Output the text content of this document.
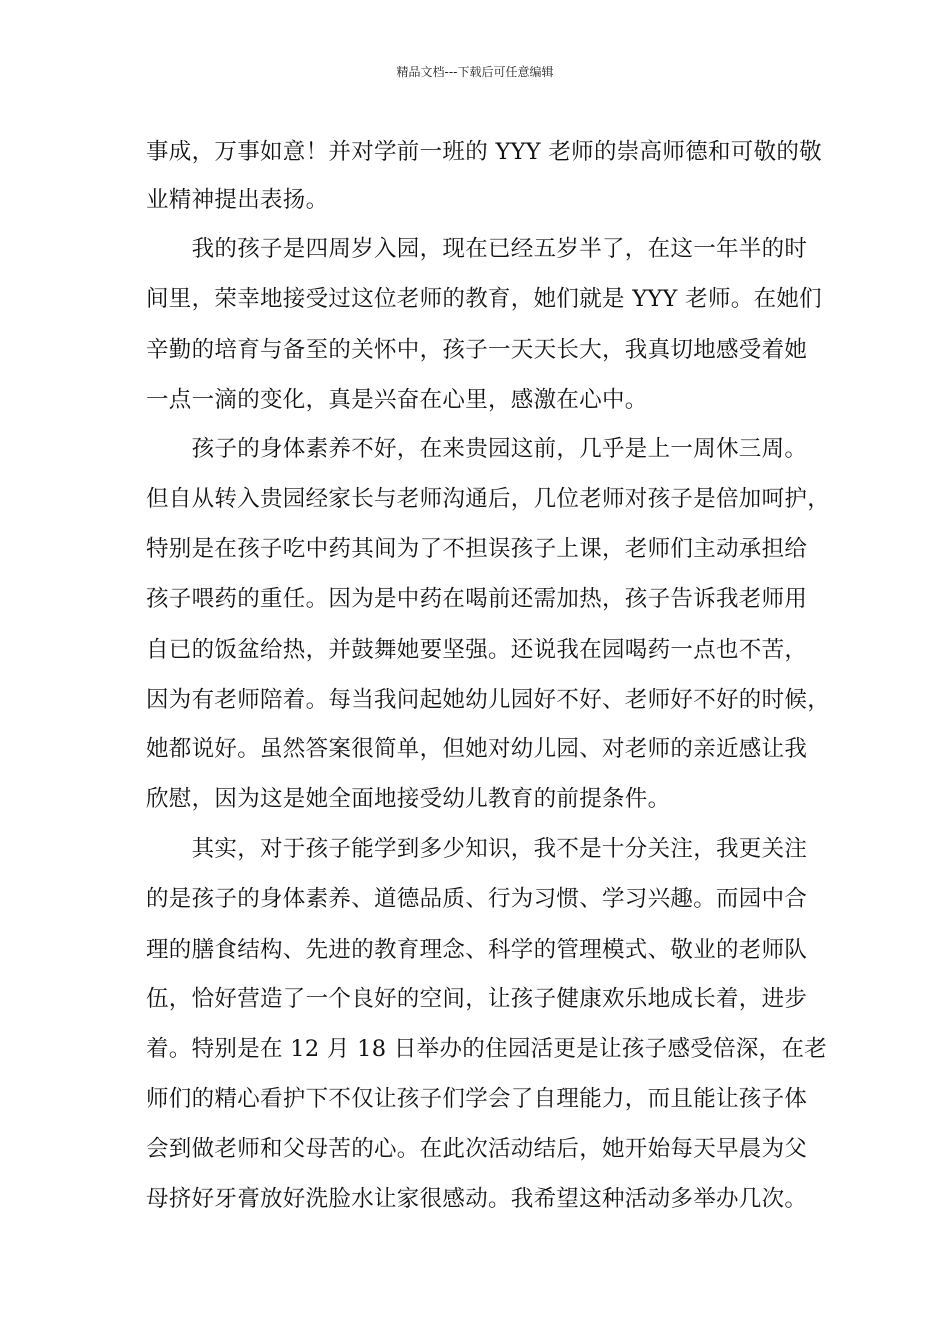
精品文档---下载后可任意编辑
事成，万事如意！并对学前一班的 YYY 老师的崇高师德和可敬的敬
业精神提出表扬。
　　我的孩子是四周岁入园，现在已经五岁半了，在这一年半的时
间里，荣幸地接受过这位老师的教育，她们就是 YYY 老师。在她们
辛勤的培育与备至的关怀中，孩子一天天长大，我真切地感受着她
一点一滴的变化，真是兴奋在心里，感激在心中。
　　孩子的身体素养不好，在来贵园这前，几乎是上一周休三周。
但自从转入贵园经家长与老师沟通后，几位老师对孩子是倍加呵护，
特别是在孩子吃中药其间为了不担误孩子上课，老师们主动承担给
孩子喂药的重任。因为是中药在喝前还需加热，孩子告诉我老师用
自已的饭盆给热，并鼓舞她要坚强。还说我在园喝药一点也不苦，
因为有老师陪着。每当我问起她幼儿园好不好、老师好不好的时候，
她都说好。虽然答案很简单，但她对幼儿园、对老师的亲近感让我
欣慰，因为这是她全面地接受幼儿教育的前提条件。
　　其实，对于孩子能学到多少知识，我不是十分关注，我更关注
的是孩子的身体素养、道德品质、行为习惯、学习兴趣。而园中合
理的膳食结构、先进的教育理念、科学的管理模式、敬业的老师队
伍，恰好营造了一个良好的空间，让孩子健康欢乐地成长着，进步
着。特别是在 12 月 18 日举办的住园活更是让孩子感受倍深，在老
师们的精心看护下不仅让孩子们学会了自理能力，而且能让孩子体
会到做老师和父母苦的心。在此次活动结后，她开始每天早晨为父
母挤好牙膏放好洗脸水让家很感动。我希望这种活动多举办几次。
